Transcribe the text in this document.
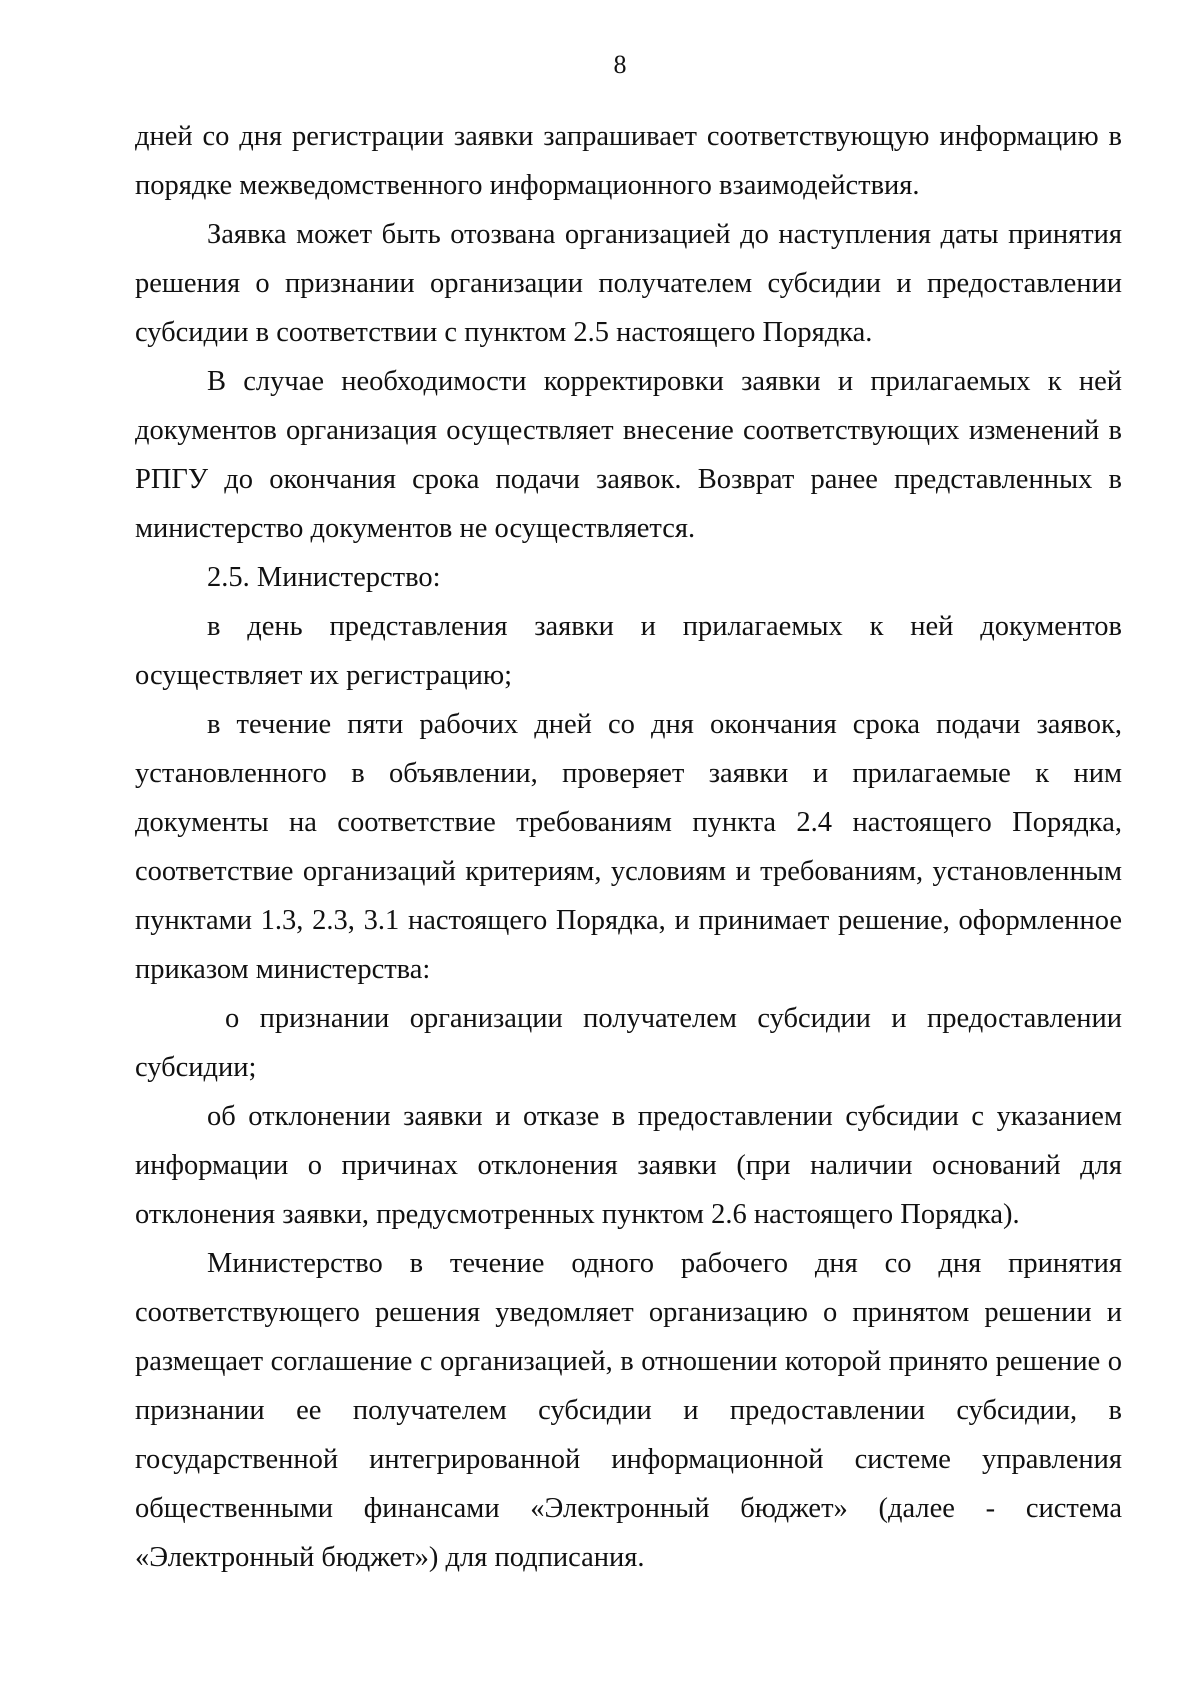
8

дней со дня регистрации заявки запрашивает соответствующую информацию в порядке межведомственного информационного взаимодействия.

Заявка может быть отозвана организацией до наступления даты принятия решения о признании организации получателем субсидии и предоставлении субсидии в соответствии с пунктом 2.5 настоящего Порядка.

В случае необходимости корректировки заявки и прилагаемых к ней документов организация осуществляет внесение соответствующих изменений в РПГУ до окончания срока подачи заявок. Возврат ранее представленных в министерство документов не осуществляется.

2.5. Министерство:

в день представления заявки и прилагаемых к ней документов осуществляет их регистрацию;

в течение пяти рабочих дней со дня окончания срока подачи заявок, установленного в объявлении, проверяет заявки и прилагаемые к ним документы на соответствие требованиям пункта 2.4 настоящего Порядка, соответствие организаций критериям, условиям и требованиям, установленным пунктами 1.3, 2.3, 3.1 настоящего Порядка, и принимает решение, оформленное приказом министерства:

о признании организации получателем субсидии и предоставлении субсидии;

об отклонении заявки и отказе в предоставлении субсидии с указанием информации о причинах отклонения заявки (при наличии оснований для отклонения заявки, предусмотренных пунктом 2.6 настоящего Порядка).

Министерство в течение одного рабочего дня со дня принятия соответствующего решения уведомляет организацию о принятом решении и размещает соглашение с организацией, в отношении которой принято решение о признании ее получателем субсидии и предоставлении субсидии, в государственной интегрированной информационной системе управления общественными финансами «Электронный бюджет» (далее - система «Электронный бюджет») для подписания.
